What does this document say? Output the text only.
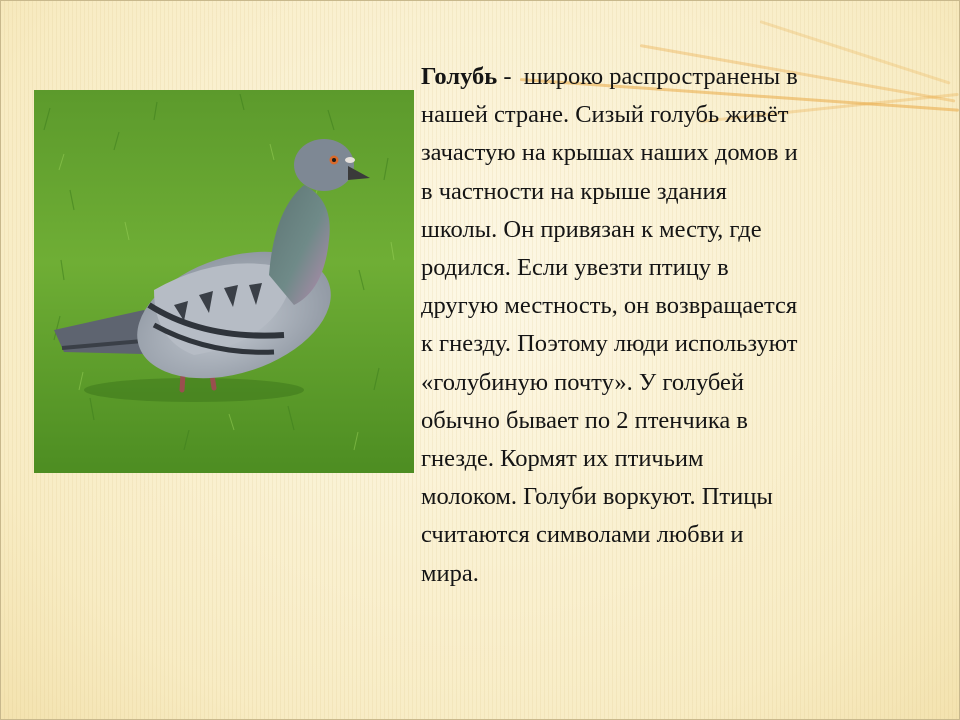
Голубь -  широко распространены в
нашей стране. Сизый голубь живёт
зачастую на крышах наших домов и
в частности на крыше здания
школы. Он привязан к месту, где
родился. Если увезти птицу в
другую местность, он возвращается
к гнезду. Поэтому люди используют
«голубиную почту». У голубей
обычно бывает по 2 птенчика в
гнезде. Кормят их птичьим
молоком. Голуби воркуют. Птицы
считаются символами любви и
мира.
